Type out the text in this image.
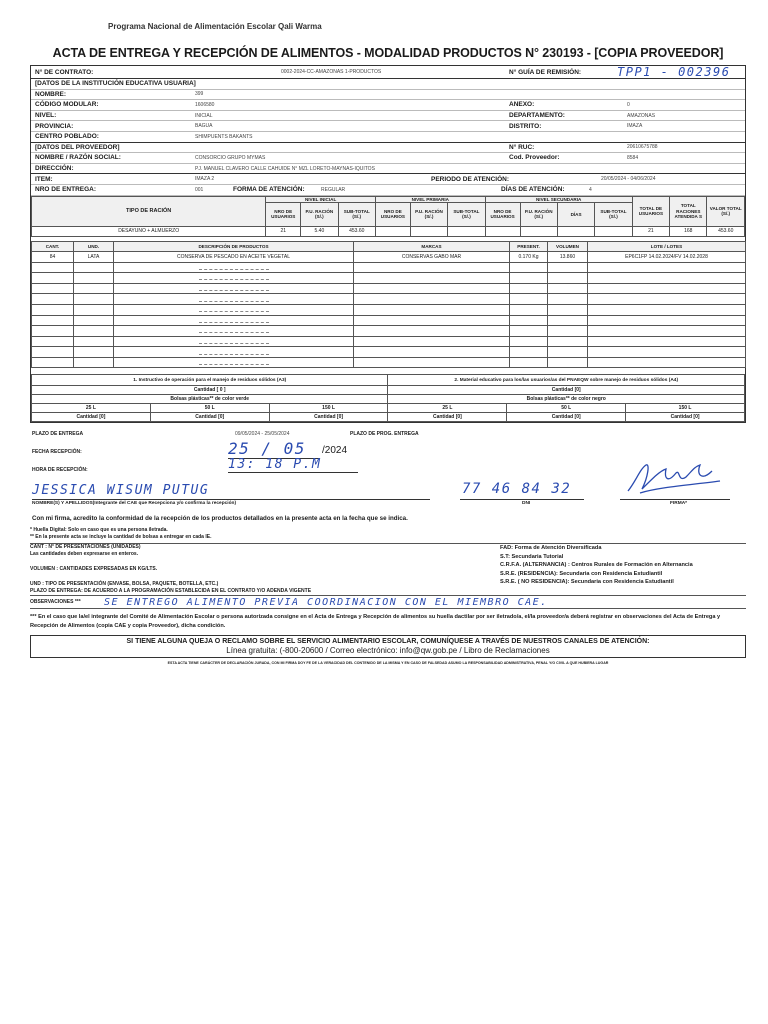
Programa Nacional de Alimentación Escolar Qali Warma
ACTA DE ENTREGA Y RECEPCIÓN DE ALIMENTOS - MODALIDAD PRODUCTOS N° 230193 - [COPIA PROVEEDOR]
N° DE CONTRATO:	0002-2024-CC-AMAZONAS 1-PRODUCTOS	N° GUÍA DE REMISIÓN:	TPP1 - 002396
[DATOS DE LA INSTITUCIÓN EDUCATIVA USUARIA]
NOMBRE:	399
CÓDIGO MODULAR:	1606580	ANEXO:	0
NIVEL:	INICIAL	DEPARTAMENTO:	AMAZONAS
PROVINCIA:	BAGUA	DISTRITO:	IMAZA
CENTRO POBLADO:	SHIMPUENTS BAKANTS
[DATOS DEL PROVEEDOR]	N° RUC:	20610675788
NOMBRE / RAZÓN SOCIAL:	CONSORCIO GRUPO MYMAS	Cod. Proveedor:	8584
DIRECCIÓN:	PJ. MANUEL CLAVERO CALLE CAHUIDE N° MZL LORETO-MAYNAS-IQUITOS
ITEM:	IMAZA 2	PERIODO DE ATENCIÓN:	20/05/2024 - 04/06/2024
NRO DE ENTREGA:	001	FORMA DE ATENCIÓN:	REGULAR	DÍAS DE ATENCIÓN:	4
TIPO DE RACIÓN	NIVEL INICIAL			NIVEL PRIMARIA			NIVEL SECUNDARIA				TOTAL DE USUARIOS	TOTAL RACIONES ATENDIDA S	VALOR TOTAL (S/.)
	NRO DE USUARIOS	P.U. RACIÓN (S/.)	SUB-TOTAL (S/.)	NRO DE USUARIOS	P.U. RACIÓN (S/.)	SUB-TOTAL (S/.)	NRO DE USUARIOS	P.U. RACIÓN (S/.)	DÍAS	SUB-TOTAL (S/.)			
DESAYUNO + ALMUERZO	21	5.40	453.60								21	168	453.60
CANT.	UND.	DESCRIPCIÓN DE PRODUCTOS	MARCAS	PRESENT.	VOLUMEN	LOTE / LOTES
84	LATA	CONSERVA DE PESCADO EN ACEITE VEGETAL	CONSERVAS GABO MAR	0.170 Kg	13.860	EP6C1FP 14.02.2024/FV 14.02.2028

1. Instructivo de operación para el manejo de residuos sólidos (A3)			2. Material educativo para los/las usuarios/as del PNAEQW sobre manejo de residuos sólidos (A4)		
Cantidad [ 0 ]			Cantidad [0]		
Bolsas plásticas** de color verde			Bolsas plásticas** de color negro		
25 L	50 L	150 L	25 L	50 L	150 L
Cantidad [0]	Cantidad [0]	Cantidad [0]	Cantidad [0]	Cantidad [0]	Cantidad [0]
PLAZO DE ENTREGA	09/05/2024 - 25/05/2024	PLAZO DE PROG. ENTREGA
FECHA RECEPCIÓN:	25 / 05	/2024
HORA DE RECEPCIÓN:	13: 18 P.M
JESSICA WISUM PUTUG	77 46 84 32
NOMBRE(S) Y APELLIDOS(Integrante del CAE que Recepciona y/o confirma la recepción)	DNI	FIRMA*
Con mi firma, acredito la conformidad de la recepción de los productos detallados en la presente acta en la fecha que se indica.
* Huella Digital: Solo en caso que es una persona iletrada.
** En la presente acta se incluye la cantidad de bolsas a entregar en cada IE.
CANT : N° DE PRESENTACIONES (UNIDADES)
Las cantidades deben expresarse en enteros.
VOLUMEN : CANTIDADES EXPRESADAS EN KG/LTS.
UND : TIPO DE PRESENTACIÓN (ENVASE, BOLSA, PAQUETE, BOTELLA, ETC.)
PLAZO DE ENTREGA: DE ACUERDO A LA PROGRAMACIÓN ESTABLECIDA EN EL CONTRATO Y/O ADENDA VIGENTE
FAD: Forma de Atención Diversificada
S.T: Secundaria Tutorial
C.R.F.A. (ALTERNANCIA) : Centros Rurales de Formación en Alternancia
S.R.E. (RESIDENCIA): Secundaria con Residencia Estudiantil
S.R.E. ( NO RESIDENCIA): Secundaria con Residencia Estudiantil
OBSERVACIONES ***	SE ENTREGO ALIMENTO PREVIA COORDINACION CON EL MIEMBRO CAE.
*** En el caso que la/el integrante del Comité de Alimentación Escolar o persona autorizada consigne en el Acta de Entrega y Recepción de alimentos su huella dactilar por ser iletrado/a, el/la proveedor/a deberá registrar en observaciones del Acta de Entrega y Recepción de Alimentos (copia CAE y copia Proveedor), dicha condición.
SI TIENE ALGUNA QUEJA O RECLAMO SOBRE EL SERVICIO ALIMENTARIO ESCOLAR, COMUNÍQUESE A TRAVÉS DE NUESTROS CANALES DE ATENCIÓN:
Línea gratuita: (-800-20600 / Correo electrónico: info@qw.gob.pe / Libro de Reclamaciones
ESTA ACTA TIENE CARÁCTER DE DECLARACIÓN JURADA, CON MI FIRMA DOY FE DE LA VERACIDAD DEL CONTENIDO DE LA MISMA Y EN CASO DE FALSEDAD ASUMO LA RESPONSABILIDAD ADMINISTRATIVA, PENAL Y/O CIVIL A QUE HUBIERA LUGAR
